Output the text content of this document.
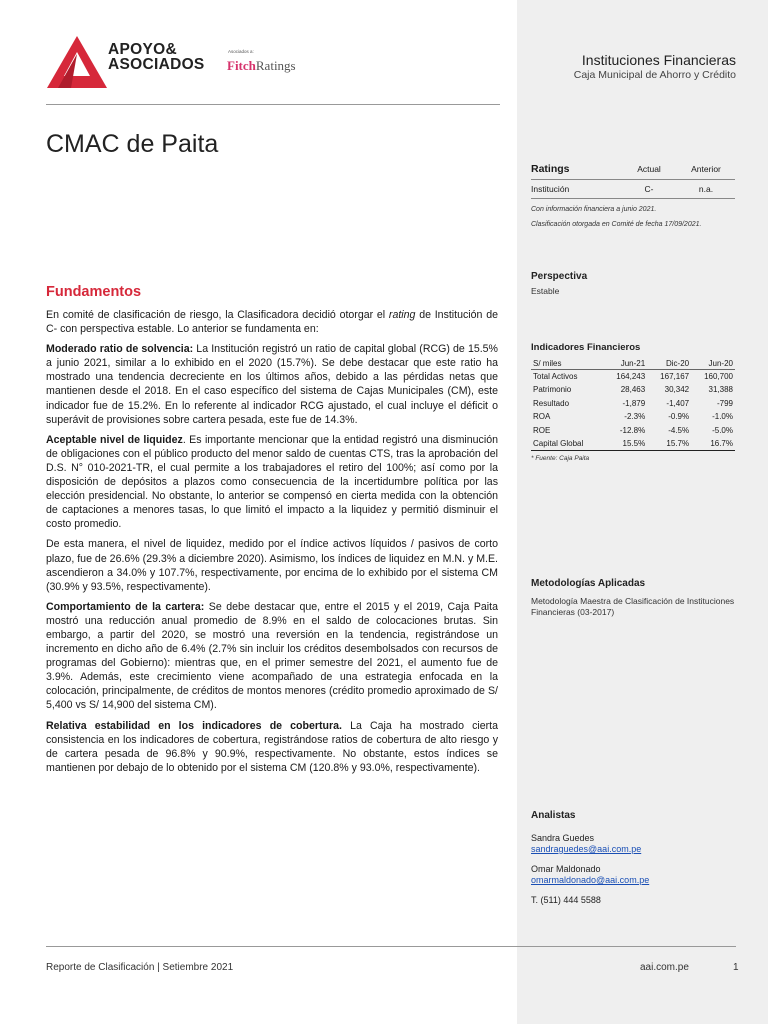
APOYO&
ASOCIADOS
Asociados a:
FitchRatings	Instituciones Financieras
Caja Municipal de Ahorro y Crédito
CMAC de Paita
Fundamentos

En comité de clasificación de riesgo, la Clasificadora decidió otorgar el rating de Institución de C- con perspectiva estable. Lo anterior se fundamenta en:

Moderado ratio de solvencia: La Institución registró un ratio de capital global (RCG) de 15.5% a junio 2021, similar a lo exhibido en el 2020 (15.7%). Se debe destacar que este ratio ha mostrado una tendencia decreciente en los últimos años, debido a las pérdidas netas que mantienen desde el 2018. En el caso específico del sistema de Cajas Municipales (CM), este indicador fue de 15.2%. En lo referente al indicador RCG ajustado, el cual incluye el déficit o superávit de provisiones sobre cartera pesada, este fue de 14.3%.

Aceptable nivel de liquidez. Es importante mencionar que la entidad registró una disminución de obligaciones con el público producto del menor saldo de cuentas CTS, tras la aprobación del D.S. N° 010-2021-TR, el cual permite a los trabajadores el retiro del 100%; así como por la disposición de depósitos a plazos como consecuencia de la incertidumbre política por las elección presidencial. No obstante, lo anterior se compensó en cierta medida con la obtención de captaciones a menores tasas, lo que limitó el impacto a la liquidez y permitió disminuir el costo promedio.

De esta manera, el nivel de liquidez, medido por el índice activos líquidos / pasivos de corto plazo, fue de 26.6% (29.3% a diciembre 2020). Asimismo, los índices de liquidez en M.N. y M.E. ascendieron a 34.0% y 107.7%, respectivamente, por encima de lo exhibido por el sistema CM (30.9% y 93.5%, respectivamente).

Comportamiento de la cartera: Se debe destacar que, entre el 2015 y el 2019, Caja Paita mostró una reducción anual promedio de 8.9% en el saldo de colocaciones brutas. Sin embargo, a partir del 2020, se mostró una reversión en la tendencia, registrándose un incremento en dicho año de 6.4% (2.7% sin incluir los créditos desembolsados con recursos de programas del Gobierno): mientras que, en el primer semestre del 2021, el aumento fue de 3.9%. Además, este crecimiento viene acompañado de una estrategia enfocada en la colocación, principalmente, de créditos de montos menores (crédito promedio aproximado de S/ 5,400 vs S/ 14,900 del sistema CM).

Relativa estabilidad en los indicadores de cobertura. La Caja ha mostrado cierta consistencia en los indicadores de cobertura, registrándose ratios de cobertura de alto riesgo y de cartera pesada de 96.8% y 90.9%, respectivamente. No obstante, estos índices se mantienen por debajo de lo obtenido por el sistema CM (120.8% y 93.0%, respectivamente).

Ratings	Actual	Anterior
Institución	C-	n.a.
Con información financiera a junio 2021.
Clasificación otorgada en Comité de fecha 17/09/2021.
Perspectiva
Estable
Indicadores Financieros
S/ miles	Jun-21	Dic-20	Jun-20
Total Activos	164,243	167,167	160,700
Patrimonio	28,463	30,342	31,388
Resultado	-1,879	-1,407	-799
ROA	-2.3%	-0.9%	-1.0%
ROE	-12.8%	-4.5%	-5.0%
Capital Global	15.5%	15.7%	16.7%
* Fuente: Caja Paita
Metodologías Aplicadas
Metodología Maestra de Clasificación de Instituciones Financieras (03-2017)
Analistas
Sandra Guedes
sandraguedes@aai.com.pe
Omar Maldonado
omarmaldonado@aai.com.pe
T. (511) 444 5588
Reporte de Clasificación | Setiembre 2021	aai.com.pe	1
